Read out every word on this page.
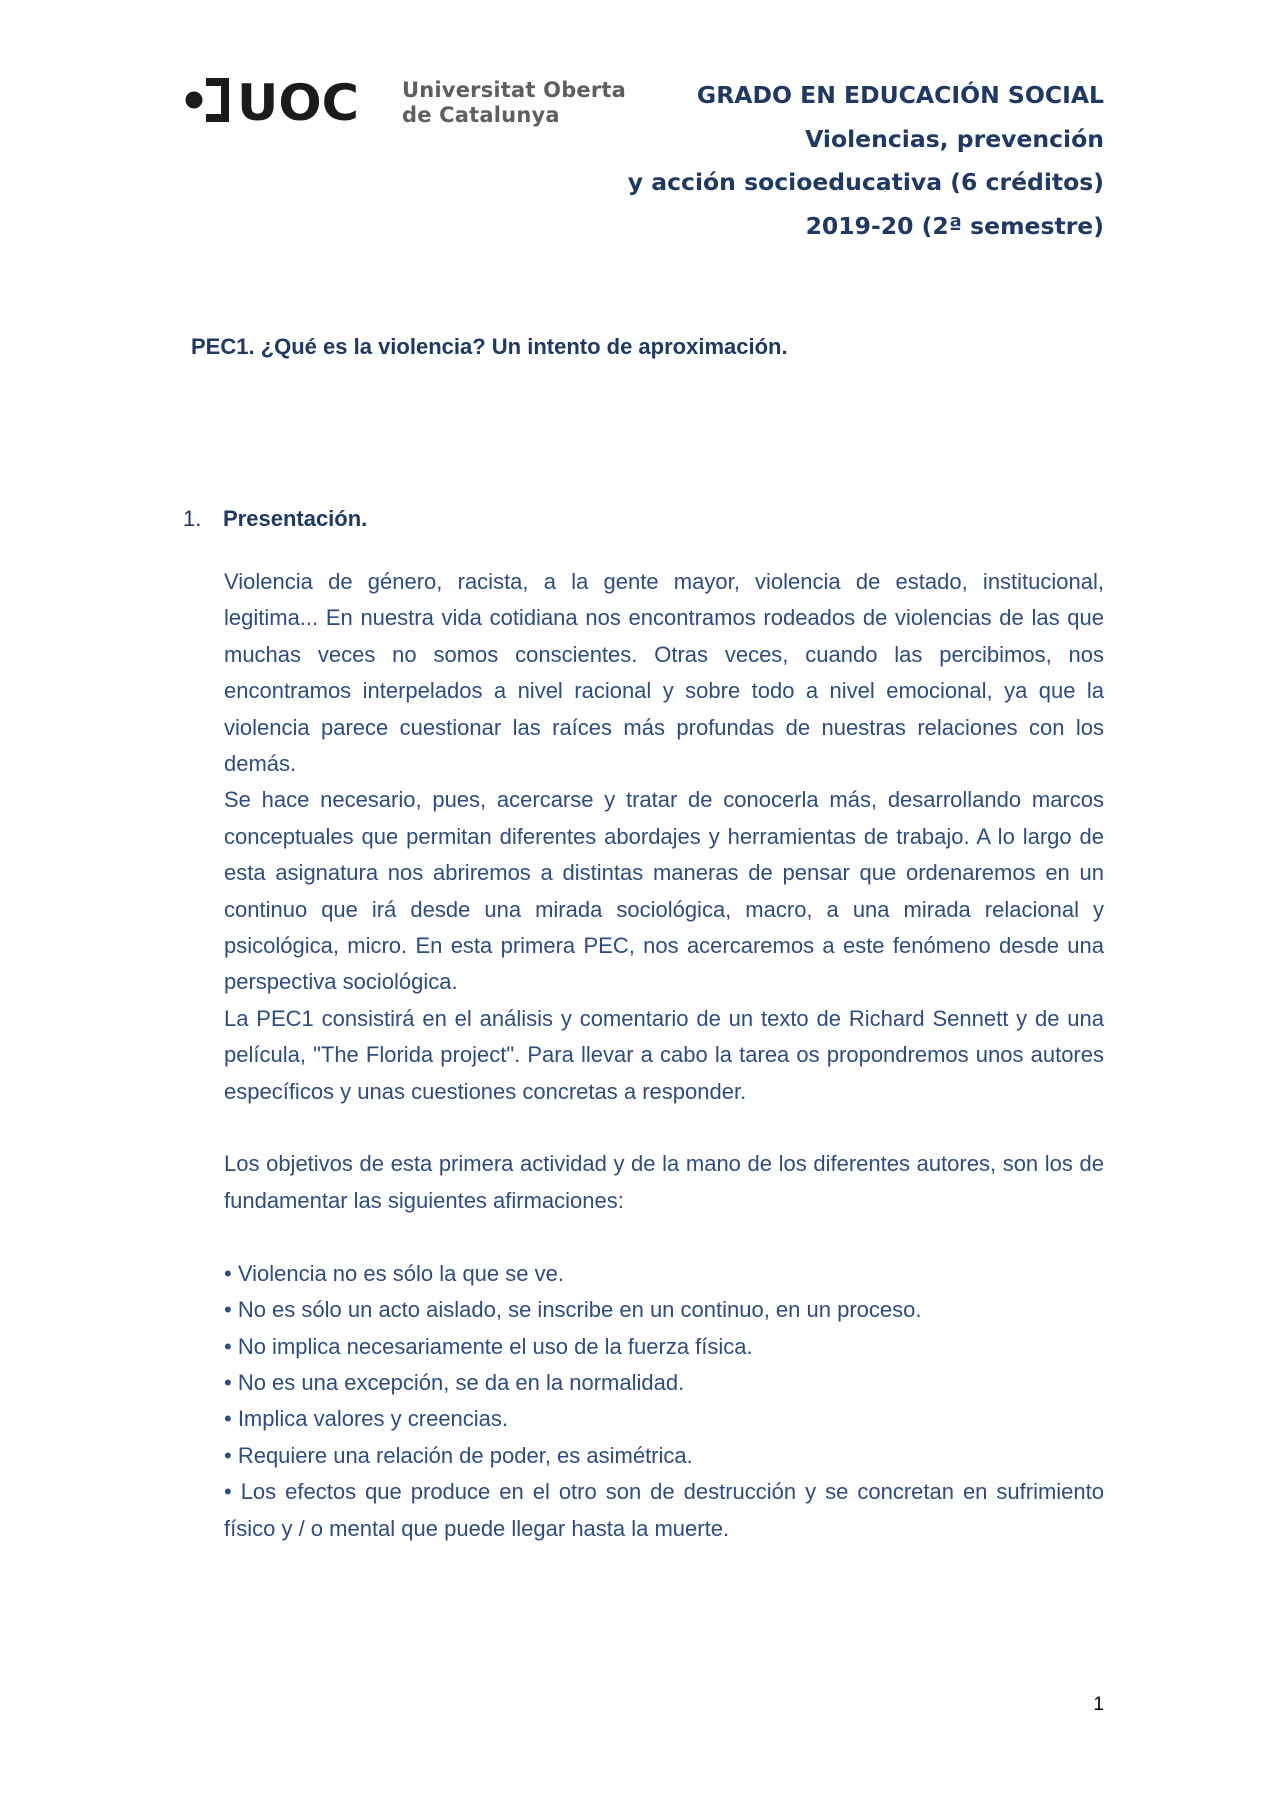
UOC Universitat Oberta
de Catalunya
GRADO EN EDUCACIÓN SOCIAL
Violencias, prevención
y acción socioeducativa (6 créditos)
2019-20 (2ª semestre)
PEC1. ¿Qué es la violencia? Un intento de aproximación.
1. Presentación.

Violencia de género, racista, a la gente mayor, violencia de estado, institucional, legitima... En nuestra vida cotidiana nos encontramos rodeados de violencias de las que muchas veces no somos conscientes. Otras veces, cuando las percibimos, nos encontramos interpelados a nivel racional y sobre todo a nivel emocional, ya que la violencia parece cuestionar las raíces más profundas de nuestras relaciones con los demás.

Se hace necesario, pues, acercarse y tratar de conocerla más, desarrollando marcos conceptuales que permitan diferentes abordajes y herramientas de trabajo. A lo largo de esta asignatura nos abriremos a distintas maneras de pensar que ordenaremos en un continuo que irá desde una mirada sociológica, macro, a una mirada relacional y psicológica, micro. En esta primera PEC, nos acercaremos a este fenómeno desde una perspectiva sociológica.

La PEC1 consistirá en el análisis y comentario de un texto de Richard Sennett y de una película, "The Florida project". Para llevar a cabo la tarea os propondremos unos autores específicos y unas cuestiones concretas a responder.

Los objetivos de esta primera actividad y de la mano de los diferentes autores, son los de fundamentar las siguientes afirmaciones:

• Violencia no es sólo la que se ve.
• No es sólo un acto aislado, se inscribe en un continuo, en un proceso.
• No implica necesariamente el uso de la fuerza física.
• No es una excepción, se da en la normalidad.
• Implica valores y creencias.
• Requiere una relación de poder, es asimétrica.
• Los efectos que produce en el otro son de destrucción y se concretan en sufrimiento físico y / o mental que puede llegar hasta la muerte.
1
